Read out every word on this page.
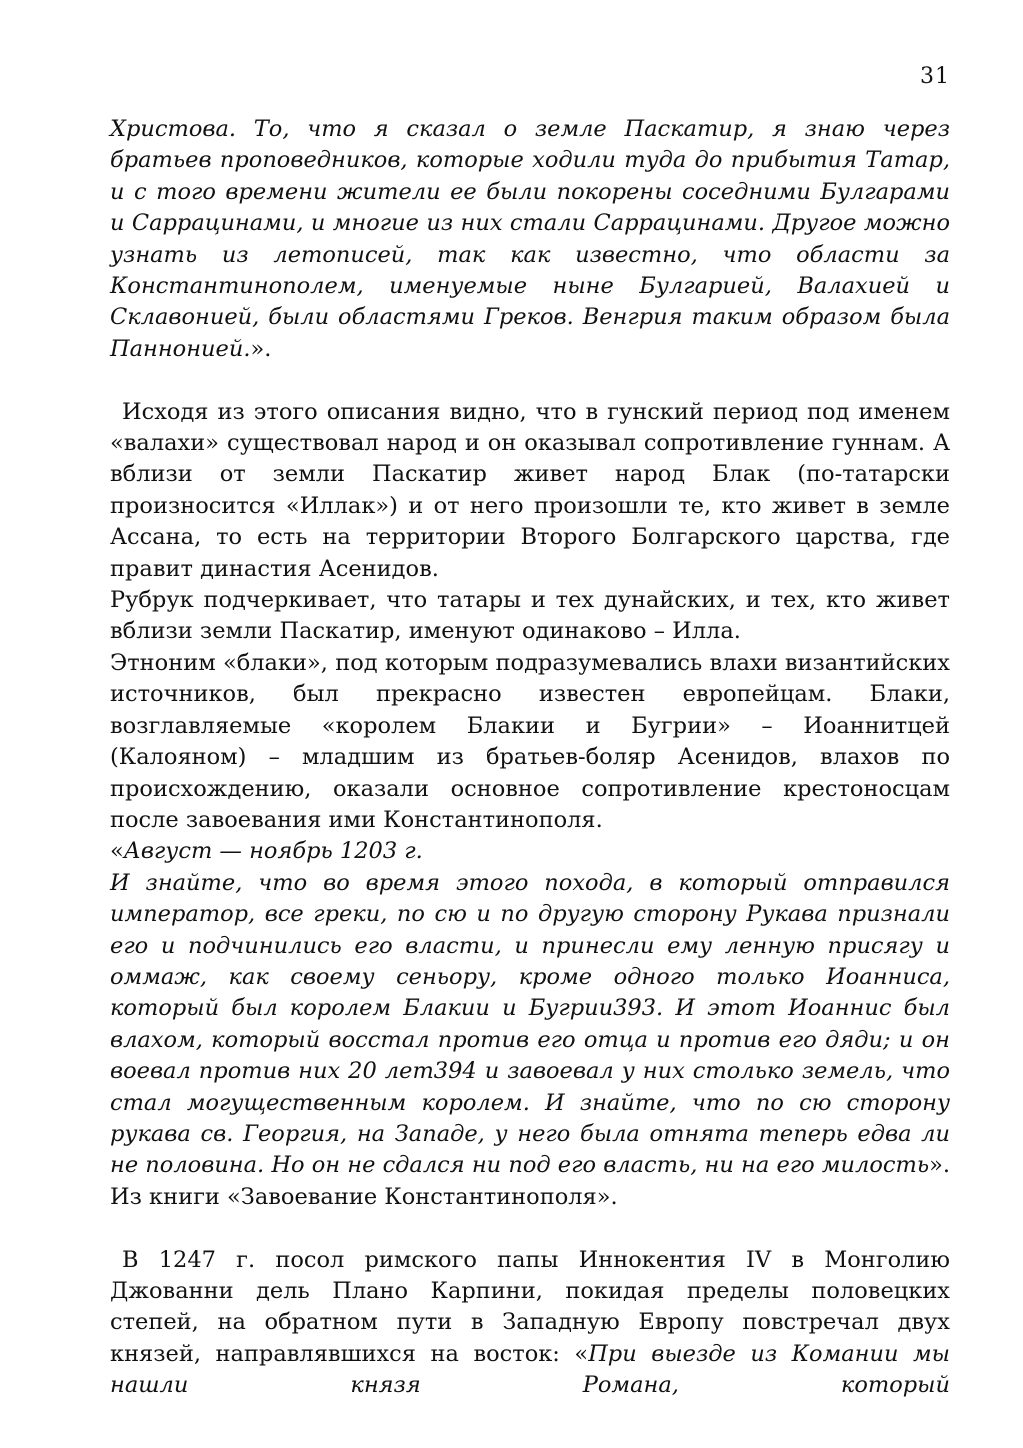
31

Христова. То, что я сказал о земле Паскатир, я знаю через братьев проповедников, которые ходили туда до прибытия Татар, и с того времени жители ее были покорены соседними Булгарами и Саррацинами, и многие из них стали Саррацинами. Другое можно узнать из летописей, так как известно, что области за Константинополем, именуемые ныне Булгарией, Валахией и Склавонией, были областями Греков. Венгрия таким образом была Паннонией.».

Исходя из этого описания видно, что в гунский период под именем «валахи» существовал народ и он оказывал сопротивление гуннам. А вблизи от земли Паскатир живет народ Блак (по-татарски произносится «Иллак») и от него произошли те, кто живет в земле Ассана, то есть на территории Второго Болгарского царства, где правит династия Асенидов.

Рубрук подчеркивает, что татары и тех дунайских, и тех, кто живет вблизи земли Паскатир, именуют одинаково – Илла.

Этноним «блаки», под которым подразумевались влахи византийских источников, был прекрасно известен европейцам. Блаки, возглавляемые «королем Блакии и Бугрии» – Иоаннитцей (Калояном) – младшим из братьев-боляр Асенидов, влахов по происхождению, оказали основное сопротивление крестоносцам после завоевания ими Константинополя.

«Август — ноябрь 1203 г.

И знайте, что во время этого похода, в который отправился император, все греки, по сю и по другую сторону Рукава признали его и подчинились его власти, и принесли ему ленную присягу и оммаж, как своему сеньору, кроме одного только Иоанниса, который был королем Блакии и Бугрии393. И этот Иоаннис был влахом, который восстал против его отца и против его дяди; и он воевал против них 20 лет394 и завоевал у них столько земель, что стал могущественным королем. И знайте, что по сю сторону рукава св. Георгия, на Западе, у него была отнята теперь едва ли не половина. Но он не сдался ни под его власть, ни на его милость». Из книги «Завоевание Константинополя».

В 1247 г. посол римского папы Иннокентия IV в Монголию Джованни дель Плано Карпини, покидая пределы половецких степей, на обратном пути в Западную Европу повстречал двух князей, направлявшихся на восток: «При выезде из Комании мы нашли князя Романа, который
